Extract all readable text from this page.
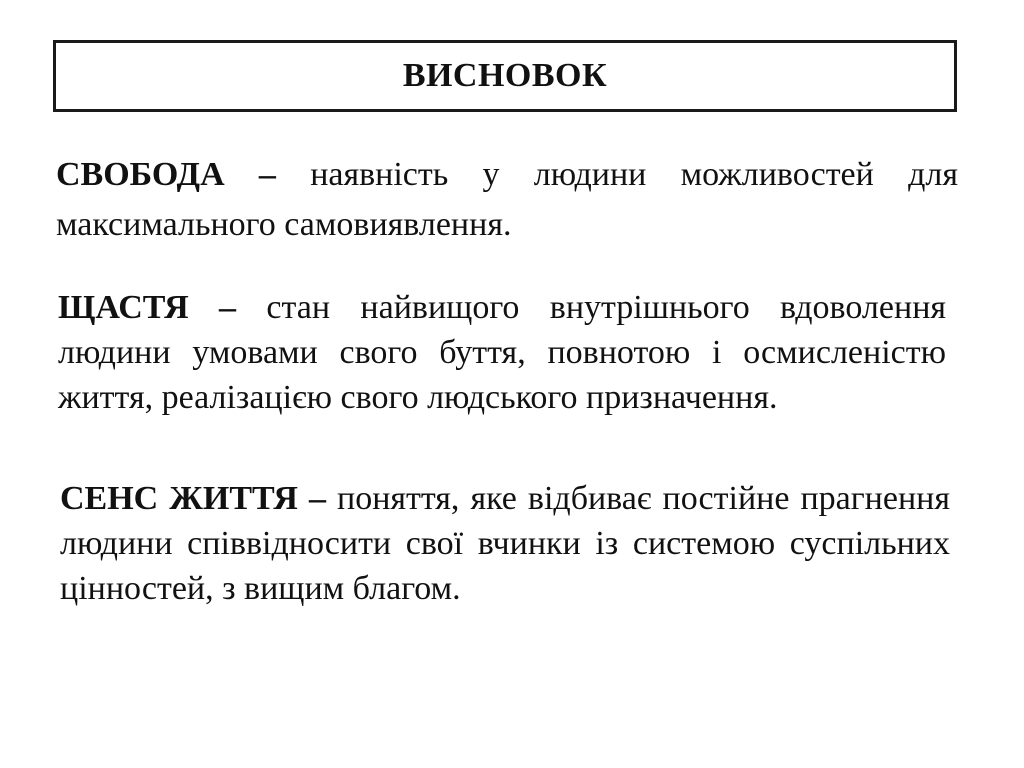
ВИСНОВОК

СВОБОДА – наявність у людини можливостей для максимального самовиявлення.

ЩАСТЯ – стан найвищого внутрішнього вдоволення людини умовами свого буття, повнотою і осмисленістю життя, реалізацією свого людського призначення.

СЕНС ЖИТТЯ – поняття, яке відбиває постійне прагнення людини співвідносити свої вчинки із системою суспільних цінностей, з вищим благом.
